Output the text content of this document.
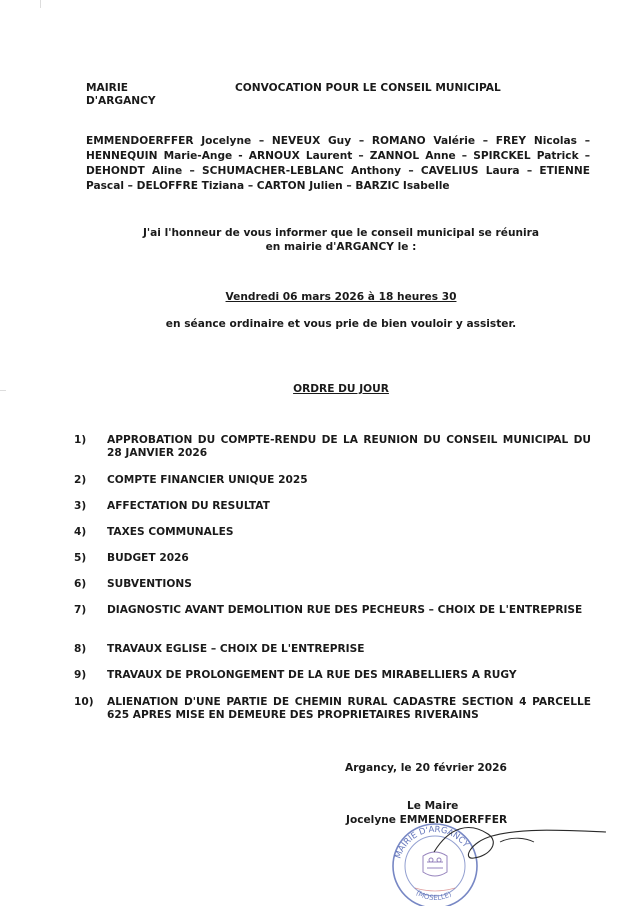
MAIRIE
D'ARGANCY
CONVOCATION POUR LE CONSEIL MUNICIPAL
EMMENDOERFFER Jocelyne – NEVEUX Guy – ROMANO Valérie – FREY Nicolas –
HENNEQUIN Marie-Ange - ARNOUX Laurent – ZANNOL Anne – SPIRCKEL Patrick –
DEHONDT Aline – SCHUMACHER-LEBLANC Anthony – CAVELIUS Laura – ETIENNE
Pascal – DELOFFRE Tiziana – CARTON Julien – BARZIC Isabelle
J'ai l'honneur de vous informer que le conseil municipal se réunira
en mairie d'ARGANCY le :
Vendredi 06 mars 2026 à 18 heures 30
en séance ordinaire et vous prie de bien vouloir y assister.
ORDRE DU JOUR
1)	APPROBATION DU COMPTE-RENDU DE LA REUNION DU CONSEIL MUNICIPAL DU 28 JANVIER 2026
2)	COMPTE FINANCIER UNIQUE 2025
3)	AFFECTATION DU RESULTAT
4)	TAXES COMMUNALES
5)	BUDGET 2026
6)	SUBVENTIONS
7)	DIAGNOSTIC AVANT DEMOLITION RUE DES PECHEURS – CHOIX DE L'ENTREPRISE
8)	TRAVAUX EGLISE – CHOIX DE L'ENTREPRISE
9)	TRAVAUX DE PROLONGEMENT DE LA RUE DES MIRABELLIERS A RUGY
10)	ALIENATION D'UNE PARTIE DE CHEMIN RURAL CADASTRE SECTION 4 PARCELLE 625 APRES MISE EN DEMEURE DES PROPRIETAIRES RIVERAINS
Argancy, le 20 février 2026
Le Maire
Jocelyne EMMENDOERFFER
MAIRIE D'ARGANCY
(MOSELLE)
